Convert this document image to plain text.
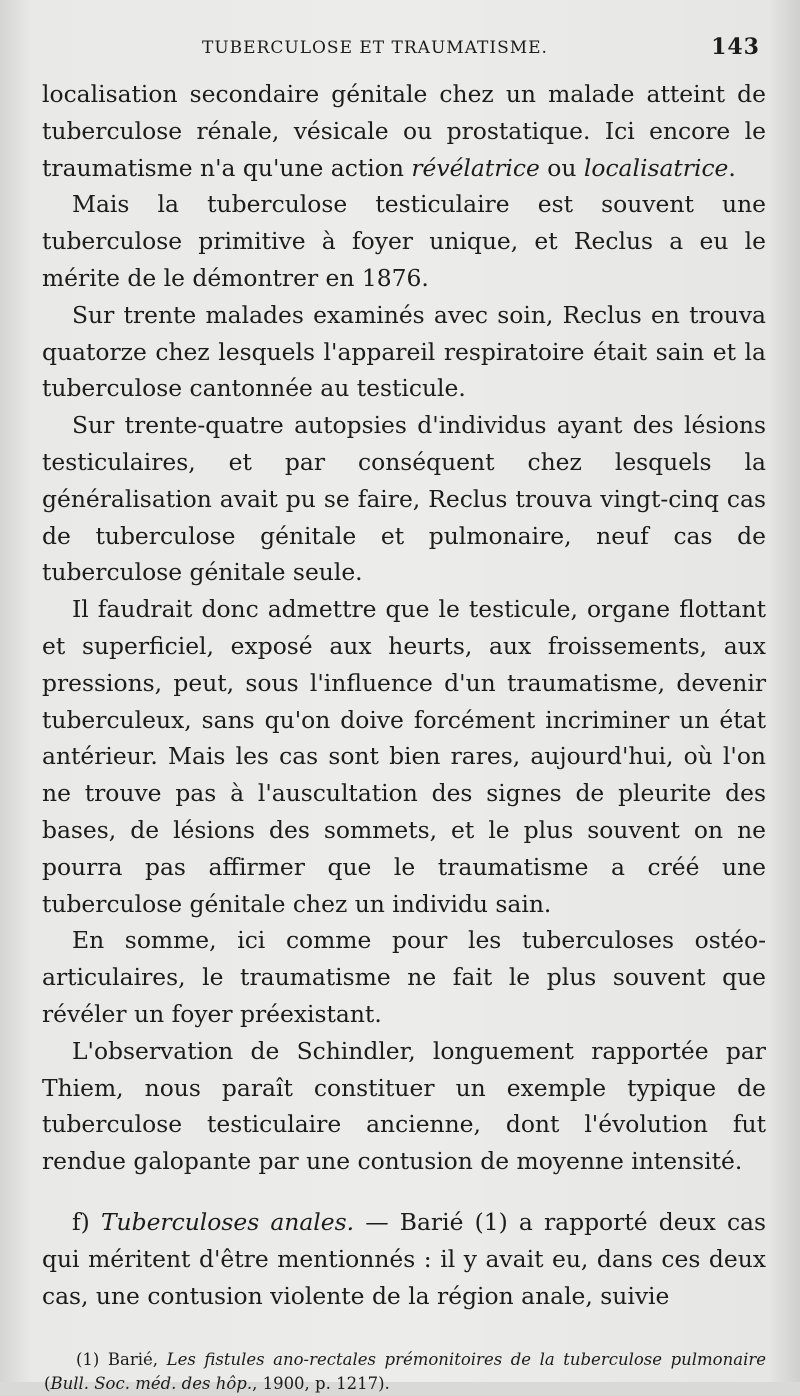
TUBERCULOSE ET TRAUMATISME.	143

localisation secondaire génitale chez un malade atteint de tuberculose rénale, vésicale ou prostatique. Ici encore le traumatisme n'a qu'une action révélatrice ou localisatrice.

Mais la tuberculose testiculaire est souvent une tuberculose primitive à foyer unique, et Reclus a eu le mérite de le démontrer en 1876.

Sur trente malades examinés avec soin, Reclus en trouva quatorze chez lesquels l'appareil respiratoire était sain et la tuberculose cantonnée au testicule.

Sur trente-quatre autopsies d'individus ayant des lésions testiculaires, et par conséquent chez lesquels la généralisation avait pu se faire, Reclus trouva vingt-cinq cas de tuberculose génitale et pulmonaire, neuf cas de tuberculose génitale seule.

Il faudrait donc admettre que le testicule, organe flottant et superficiel, exposé aux heurts, aux froissements, aux pressions, peut, sous l'influence d'un traumatisme, devenir tuberculeux, sans qu'on doive forcément incriminer un état antérieur. Mais les cas sont bien rares, aujourd'hui, où l'on ne trouve pas à l'auscultation des signes de pleurite des bases, de lésions des sommets, et le plus souvent on ne pourra pas affirmer que le traumatisme a créé une tuberculose génitale chez un individu sain.

En somme, ici comme pour les tuberculoses ostéo-articulaires, le traumatisme ne fait le plus souvent que révéler un foyer préexistant.

L'observation de Schindler, longuement rapportée par Thiem, nous paraît constituer un exemple typique de tuberculose testiculaire ancienne, dont l'évolution fut rendue galopante par une contusion de moyenne intensité.

f) Tuberculoses anales. — Barié (1) a rapporté deux cas qui méritent d'être mentionnés : il y avait eu, dans ces deux cas, une contusion violente de la région anale, suivie

(1) Barié, Les fistules ano-rectales prémonitoires de la tuberculose pulmonaire (Bull. Soc. méd. des hôp., 1900, p. 1217).
